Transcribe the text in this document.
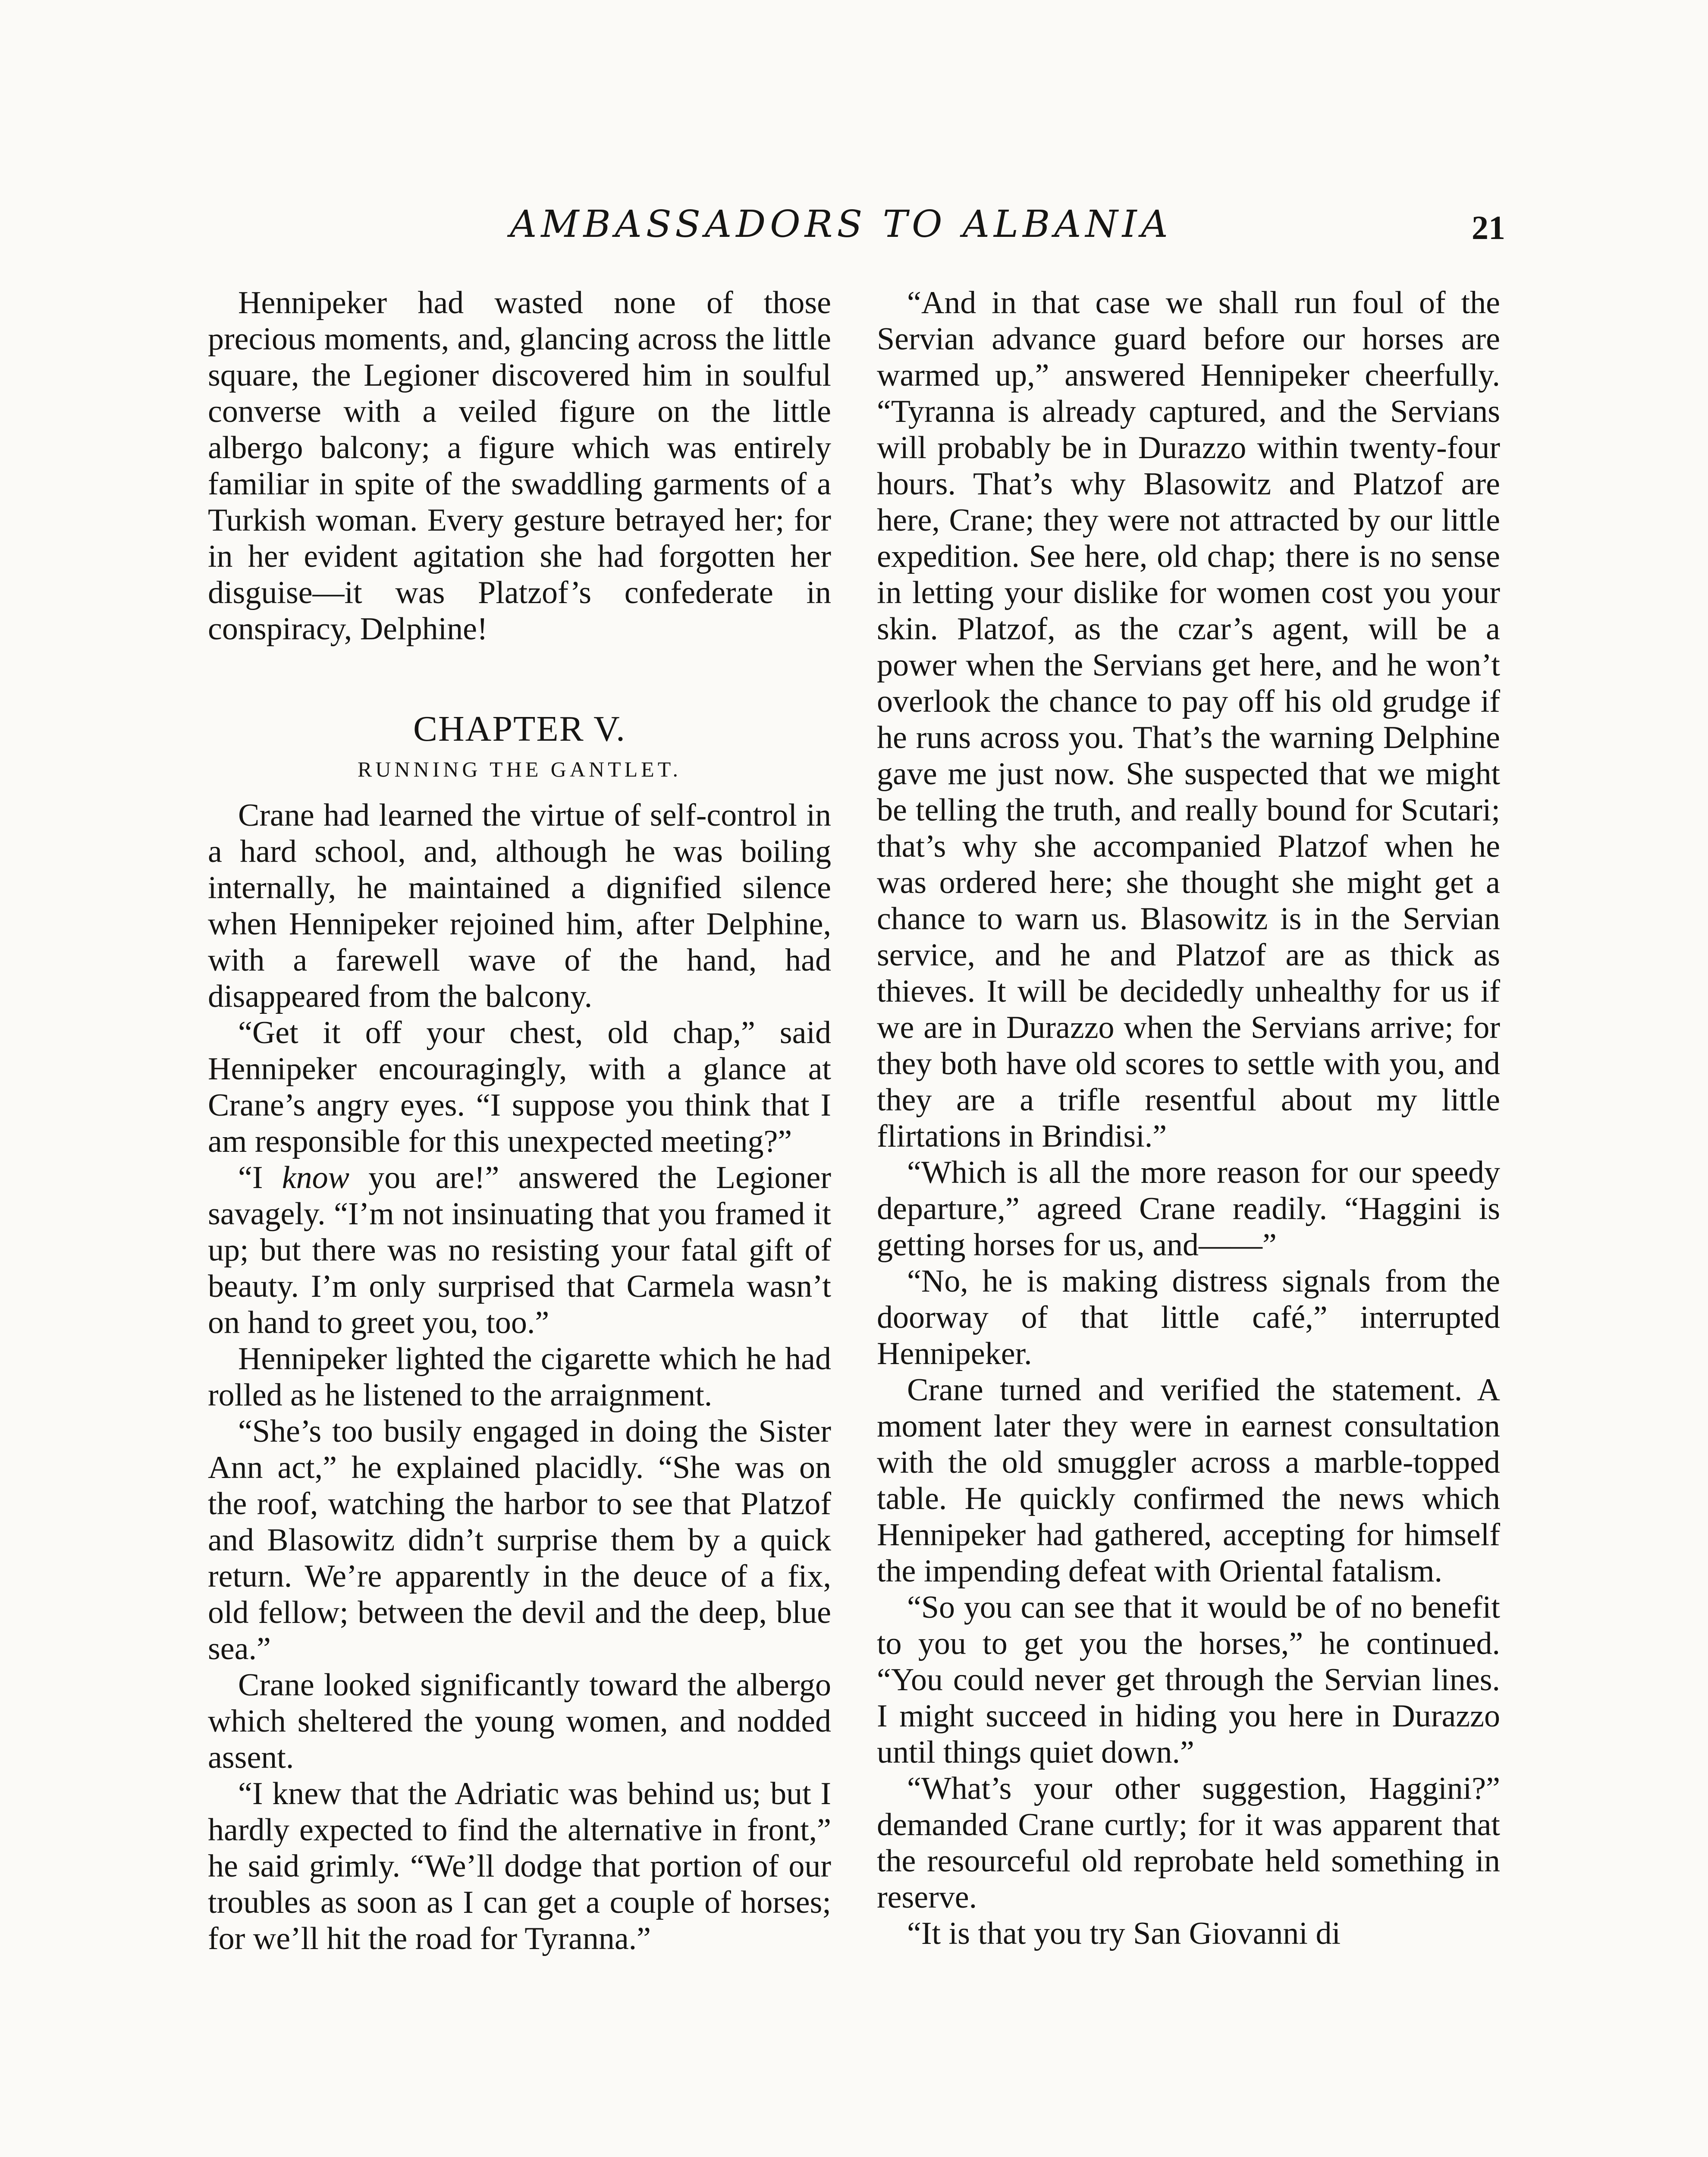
AMBASSADORS TO ALBANIA	21

Hennipeker had wasted none of those precious moments, and, glancing across the little square, the Legioner discovered him in soulful converse with a veiled figure on the little albergo balcony; a figure which was entirely familiar in spite of the swaddling garments of a Turkish woman. Every gesture betrayed her; for in her evident agitation she had forgotten her disguise—it was Platzof’s confederate in conspiracy, Delphine!

CHAPTER V.
RUNNING THE GANTLET.

Crane had learned the virtue of self-control in a hard school, and, although he was boiling internally, he maintained a dignified silence when Hennipeker rejoined him, after Delphine, with a farewell wave of the hand, had disappeared from the balcony.

“Get it off your chest, old chap,” said Hennipeker encouragingly, with a glance at Crane’s angry eyes. “I suppose you think that I am responsible for this unexpected meeting?”

“I know you are!” answered the Legioner savagely. “I’m not insinuating that you framed it up; but there was no resisting your fatal gift of beauty. I’m only surprised that Carmela wasn’t on hand to greet you, too.”

Hennipeker lighted the cigarette which he had rolled as he listened to the arraignment.

“She’s too busily engaged in doing the Sister Ann act,” he explained placidly. “She was on the roof, watching the harbor to see that Platzof and Blasowitz didn’t surprise them by a quick return. We’re apparently in the deuce of a fix, old fellow; between the devil and the deep, blue sea.”

Crane looked significantly toward the albergo which sheltered the young women, and nodded assent.

“I knew that the Adriatic was behind us; but I hardly expected to find the alternative in front,” he said grimly. “We’ll dodge that portion of our troubles as soon as I can get a couple of horses; for we’ll hit the road for Tyranna.”

“And in that case we shall run foul of the Servian advance guard before our horses are warmed up,” answered Hennipeker cheerfully. “Tyranna is already captured, and the Servians will probably be in Durazzo within twenty-four hours. That’s why Blasowitz and Platzof are here, Crane; they were not attracted by our little expedition. See here, old chap; there is no sense in letting your dislike for women cost you your skin. Platzof, as the czar’s agent, will be a power when the Servians get here, and he won’t overlook the chance to pay off his old grudge if he runs across you. That’s the warning Delphine gave me just now. She suspected that we might be telling the truth, and really bound for Scutari; that’s why she accompanied Platzof when he was ordered here; she thought she might get a chance to warn us. Blasowitz is in the Servian service, and he and Platzof are as thick as thieves. It will be decidedly unhealthy for us if we are in Durazzo when the Servians arrive; for they both have old scores to settle with you, and they are a trifle resentful about my little flirtations in Brindisi.”

“Which is all the more reason for our speedy departure,” agreed Crane readily. “Haggini is getting horses for us, and——”

“No, he is making distress signals from the doorway of that little café,” interrupted Hennipeker.

Crane turned and verified the statement. A moment later they were in earnest consultation with the old smuggler across a marble-topped table. He quickly confirmed the news which Hennipeker had gathered, accepting for himself the impending defeat with Oriental fatalism.

“So you can see that it would be of no benefit to you to get you the horses,” he continued. “You could never get through the Servian lines. I might succeed in hiding you here in Durazzo until things quiet down.”

“What’s your other suggestion, Haggini?” demanded Crane curtly; for it was apparent that the resourceful old reprobate held something in reserve.

“It is that you try San Giovanni di
